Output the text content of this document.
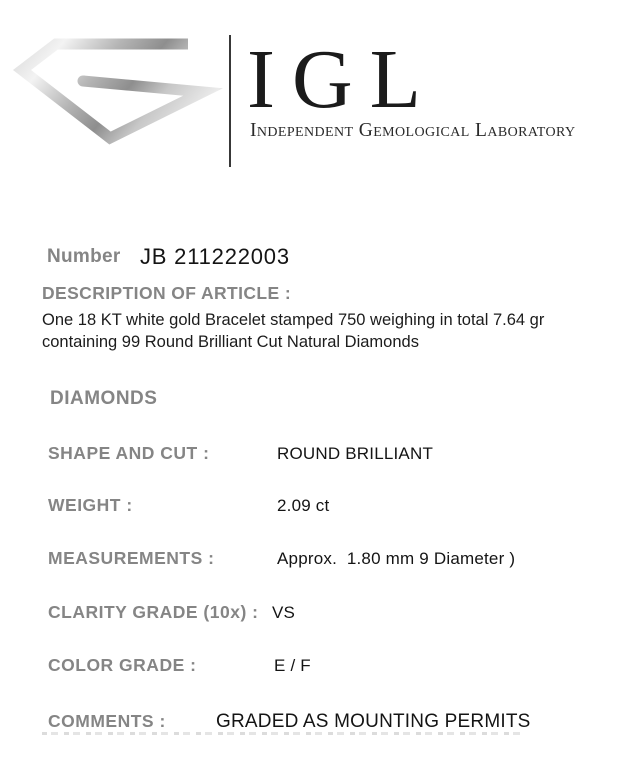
IGL
Independent Gemological Laboratory
Number JB 211222003
DESCRIPTION OF ARTICLE :
One 18 KT white gold Bracelet stamped 750 weighing in total 7.64 gr
containing 99 Round Brilliant Cut Natural Diamonds
DIAMONDS
SHAPE AND CUT :	ROUND BRILLIANT
WEIGHT :	2.09 ct
MEASUREMENTS :	Approx.  1.80 mm 9 Diameter )
CLARITY GRADE (10x) : VS
COLOR GRADE :	E / F
COMMENTS :	GRADED AS MOUNTING PERMITS
